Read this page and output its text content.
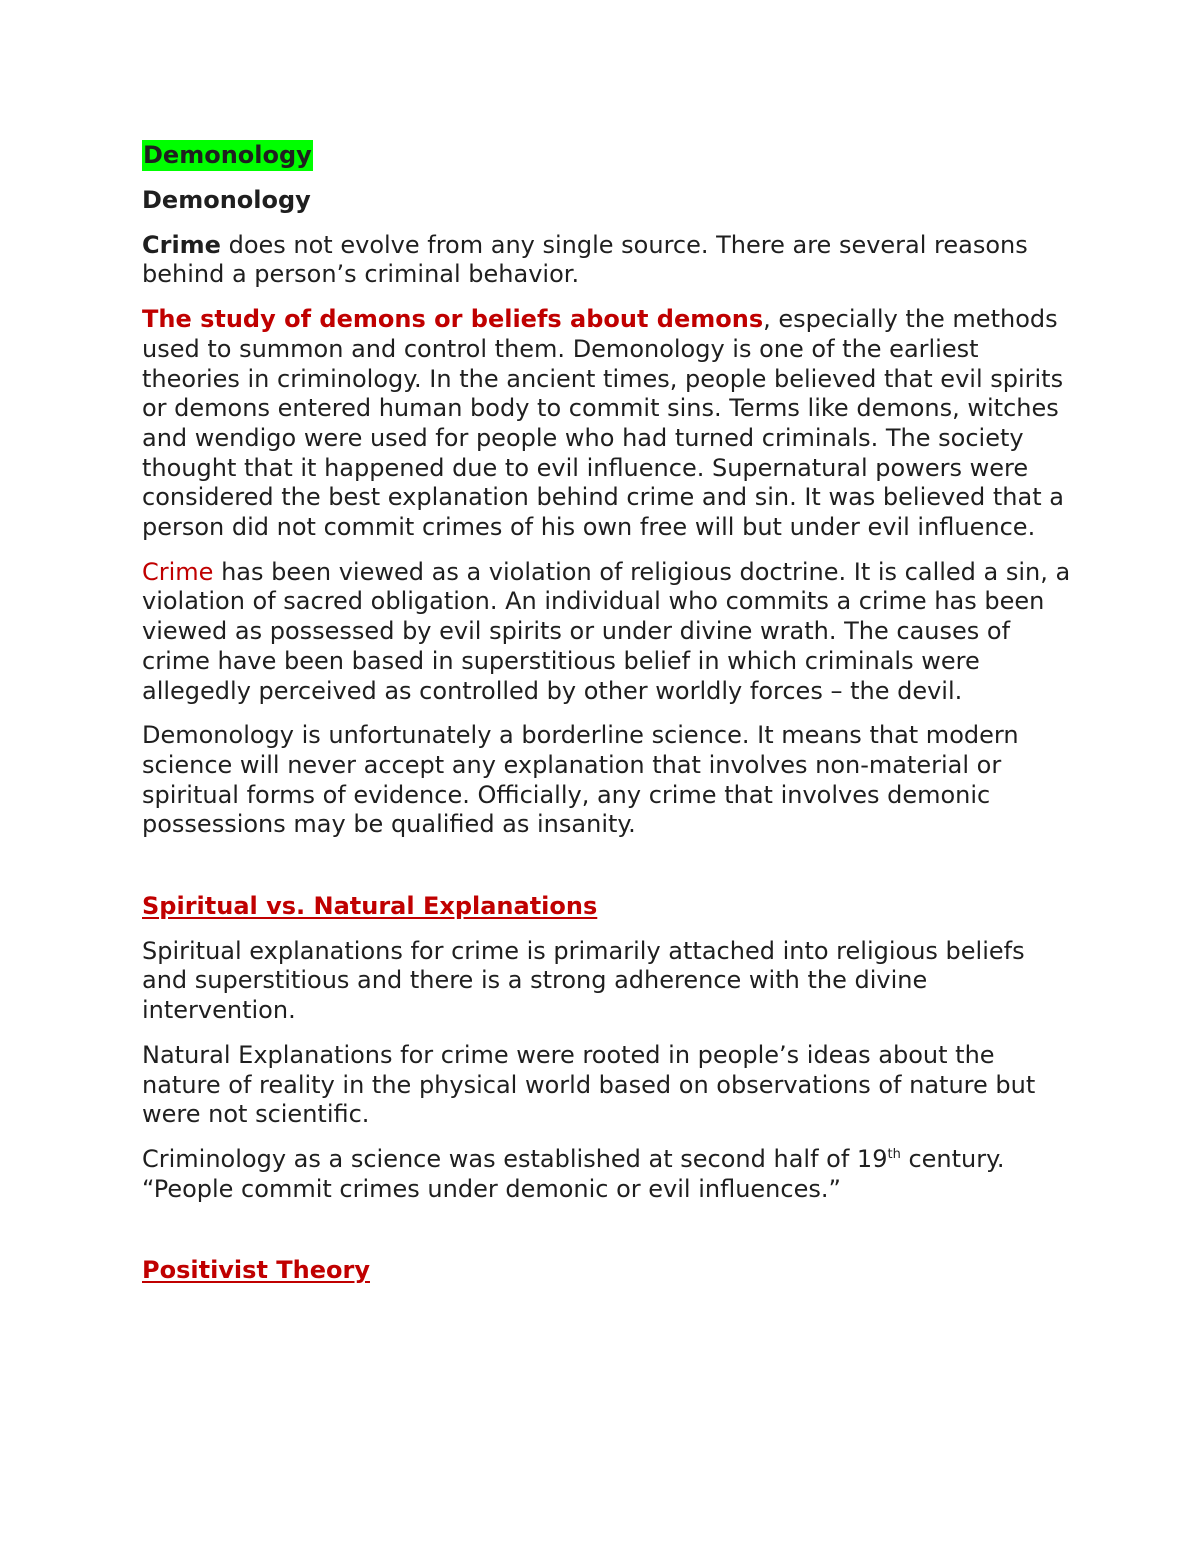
Demonology

Demonology

Crime does not evolve from any single source. There are several reasons behind a person’s criminal behavior.

The study of demons or beliefs about demons, especially the methods used to summon and control them. Demonology is one of the earliest theories in criminology. In the ancient times, people believed that evil spirits or demons entered human body to commit sins. Terms like demons, witches and wendigo were used for people who had turned criminals. The society thought that it happened due to evil influence. Supernatural powers were considered the best explanation behind crime and sin. It was believed that a person did not commit crimes of his own free will but under evil influence.

Crime has been viewed as a violation of religious doctrine. It is called a sin, a violation of sacred obligation. An individual who commits a crime has been viewed as possessed by evil spirits or under divine wrath. The causes of crime have been based in superstitious belief in which criminals were allegedly perceived as controlled by other worldly forces – the devil.

Demonology is unfortunately a borderline science. It means that modern science will never accept any explanation that involves non-material or spiritual forms of evidence. Officially, any crime that involves demonic possessions may be qualified as insanity.

Spiritual vs. Natural Explanations

Spiritual explanations for crime is primarily attached into religious beliefs and superstitious and there is a strong adherence with the divine intervention.

Natural Explanations for crime were rooted in people’s ideas about the nature of reality in the physical world based on observations of nature but were not scientific.

Criminology as a science was established at second half of 19th century.
“People commit crimes under demonic or evil influences.”

Positivist Theory
